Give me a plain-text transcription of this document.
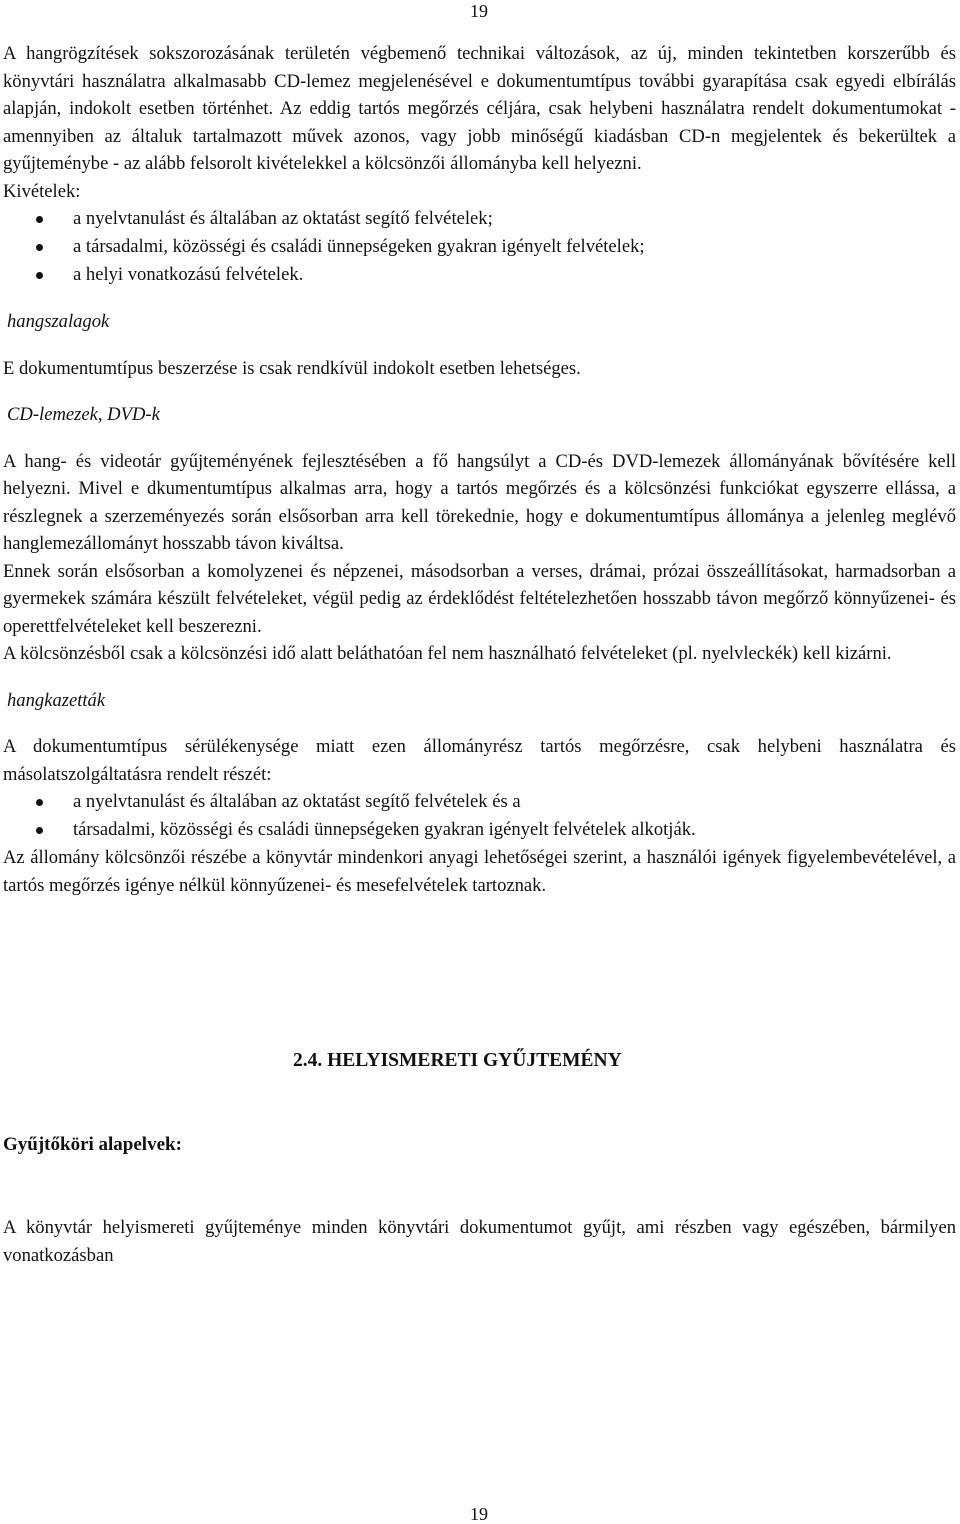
19

A hangrögzítések sokszorozásának területén végbemenő technikai változások, az új, minden tekintetben korszerűbb és könyvtári használatra alkalmasabb CD-lemez megjelenésével e dokumentumtípus további gyarapítása csak egyedi elbírálás alapján, indokolt esetben történhet. Az eddig tartós megőrzés céljára, csak helybeni használatra rendelt dokumentumokat - amennyiben az általuk tartalmazott művek azonos, vagy jobb minőségű kiadásban CD-n megjelentek és bekerültek a gyűjteménybe - az alább felsorolt kivételekkel a kölcsönzői állományba kell helyezni.

Kivételek:

a nyelvtanulást és általában az oktatást segítő felvételek;
a társadalmi, közösségi és családi ünnepségeken gyakran igényelt felvételek;
a helyi vonatkozású felvételek.

hangszalagok

E dokumentumtípus beszerzése is csak rendkívül indokolt esetben lehetséges.

CD-lemezek, DVD-k

A hang- és videotár gyűjteményének fejlesztésében a fő hangsúlyt a CD-és DVD-lemezek állományának bővítésére kell helyezni. Mivel e dkumentumtípus alkalmas arra, hogy a tartós megőrzés és a kölcsönzési funkciókat egyszerre ellássa, a részlegnek a szerzeményezés során elsősorban arra kell törekednie, hogy e dokumentumtípus állománya a jelenleg meglévő hanglemezállományt hosszabb távon kiváltsa.

Ennek során elsősorban a komolyzenei és népzenei, másodsorban a verses, drámai, prózai összeállításokat, harmadsorban a gyermekek számára készült felvételeket, végül pedig az érdeklődést feltételezhetően hosszabb távon megőrző könnyűzenei- és operettfelvételeket kell beszerezni.

A kölcsönzésből csak a kölcsönzési idő alatt beláthatóan fel nem használható felvételeket (pl. nyelvleckék) kell kizárni.

hangkazetták

A dokumentumtípus sérülékenysége miatt ezen állományrész tartós megőrzésre, csak helybeni használatra és másolatszolgáltatásra rendelt részét:

a nyelvtanulást és általában az oktatást segítő felvételek és a
társadalmi, közösségi és családi ünnepségeken gyakran igényelt felvételek alkotják.

Az állomány kölcsönzői részébe a könyvtár mindenkori anyagi lehetőségei szerint, a használói igények figyelembevételével, a tartós megőrzés igénye nélkül könnyűzenei- és mesefelvételek tartoznak.

2.4. HELYISMERETI GYŰJTEMÉNY

Gyűjtőköri alapelvek:

A könyvtár helyismereti gyűjteménye minden könyvtári dokumentumot gyűjt, ami részben vagy egészében, bármilyen vonatkozásban

19
